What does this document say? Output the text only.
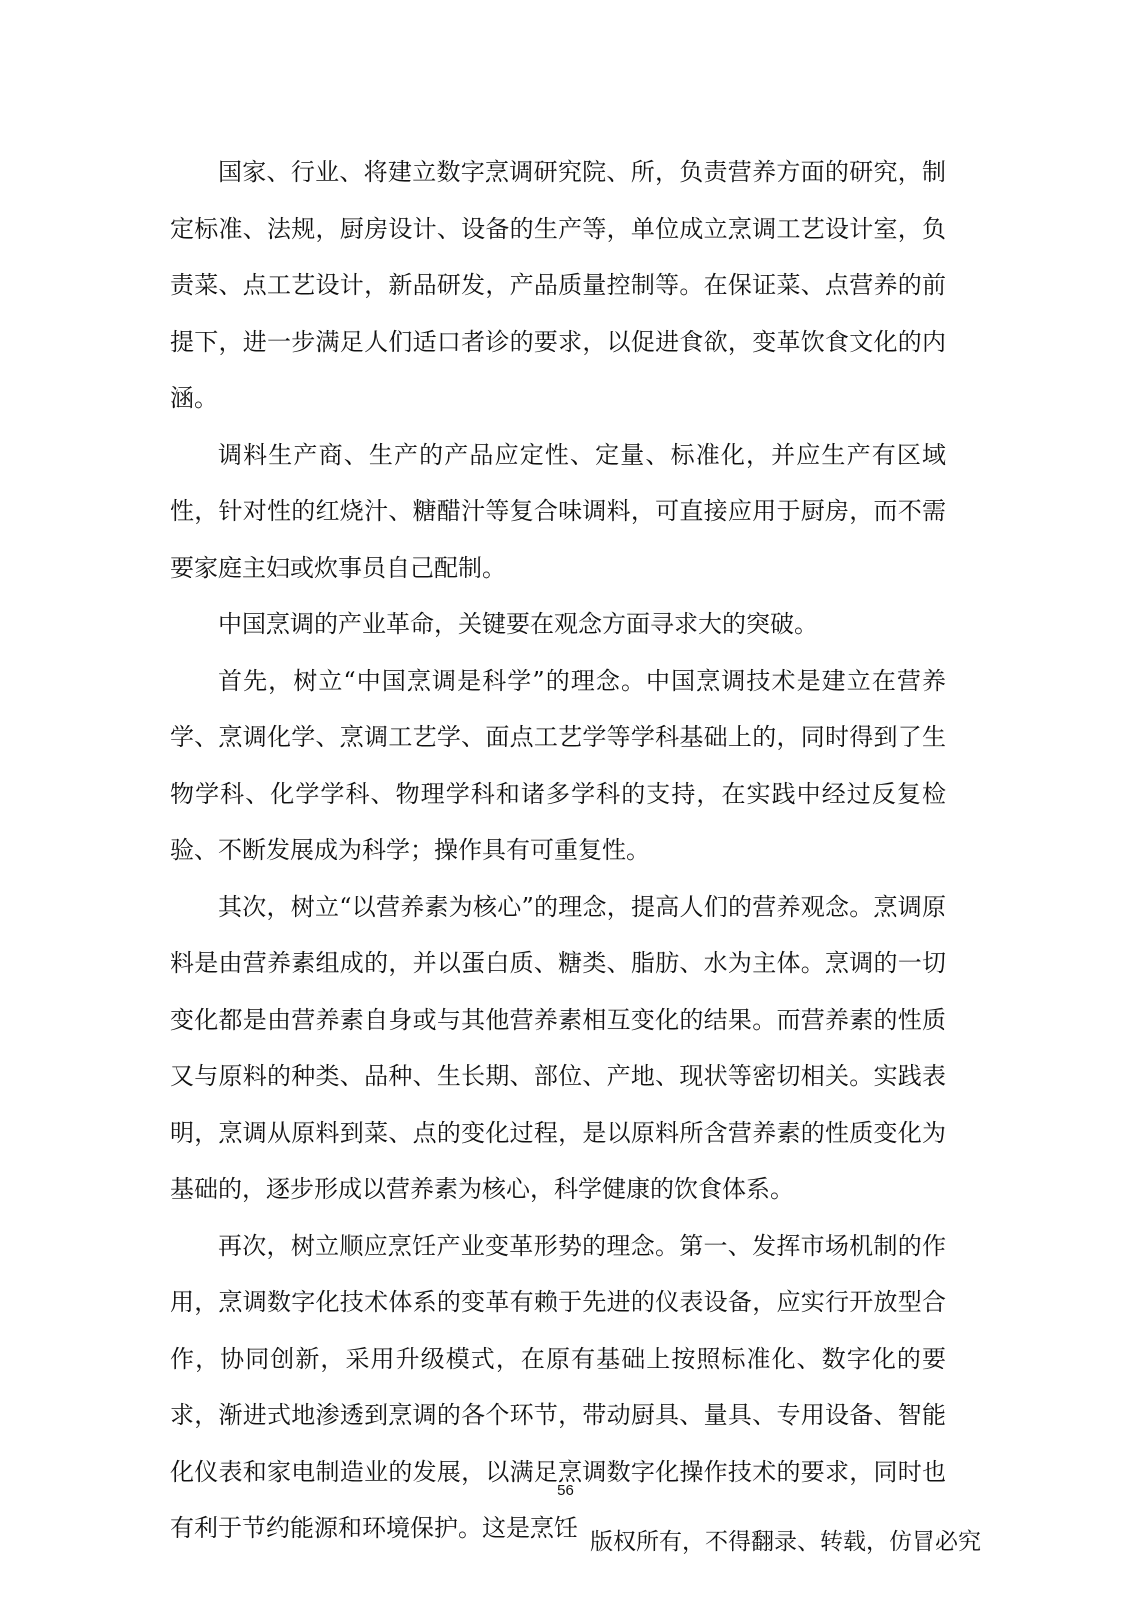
国家、行业、将建立数字烹调研究院、所，负责营养方面的研究，制定标准、法规，厨房设计、设备的生产等，单位成立烹调工艺设计室，负责菜、点工艺设计，新品研发，产品质量控制等。在保证菜、点营养的前提下，进一步满足人们适口者诊的要求，以促进食欲，变革饮食文化的内涵。

调料生产商、生产的产品应定性、定量、标准化，并应生产有区域性，针对性的红烧汁、糖醋汁等复合味调料，可直接应用于厨房，而不需要家庭主妇或炊事员自己配制。

中国烹调的产业革命，关键要在观念方面寻求大的突破。

首先，树立“中国烹调是科学”的理念。中国烹调技术是建立在营养学、烹调化学、烹调工艺学、面点工艺学等学科基础上的，同时得到了生物学科、化学学科、物理学科和诸多学科的支持，在实践中经过反复检验、不断发展成为科学；操作具有可重复性。

其次，树立“以营养素为核心”的理念，提高人们的营养观念。烹调原料是由营养素组成的，并以蛋白质、糖类、脂肪、水为主体。烹调的一切变化都是由营养素自身或与其他营养素相互变化的结果。而营养素的性质又与原料的种类、品种、生长期、部位、产地、现状等密切相关。实践表明，烹调从原料到菜、点的变化过程，是以原料所含营养素的性质变化为基础的，逐步形成以营养素为核心，科学健康的饮食体系。

再次，树立顺应烹饪产业变革形势的理念。第一、发挥市场机制的作用，烹调数字化技术体系的变革有赖于先进的仪表设备，应实行开放型合作，协同创新，采用升级模式，在原有基础上按照标准化、数字化的要求，渐进式地渗透到烹调的各个环节，带动厨具、量具、专用设备、智能化仪表和家电制造业的发展，以满足烹调数字化操作技术的要求，同时也有利于节约能源和环境保护。这是烹饪

56
版权所有，不得翻录、转载，仿冒必究
